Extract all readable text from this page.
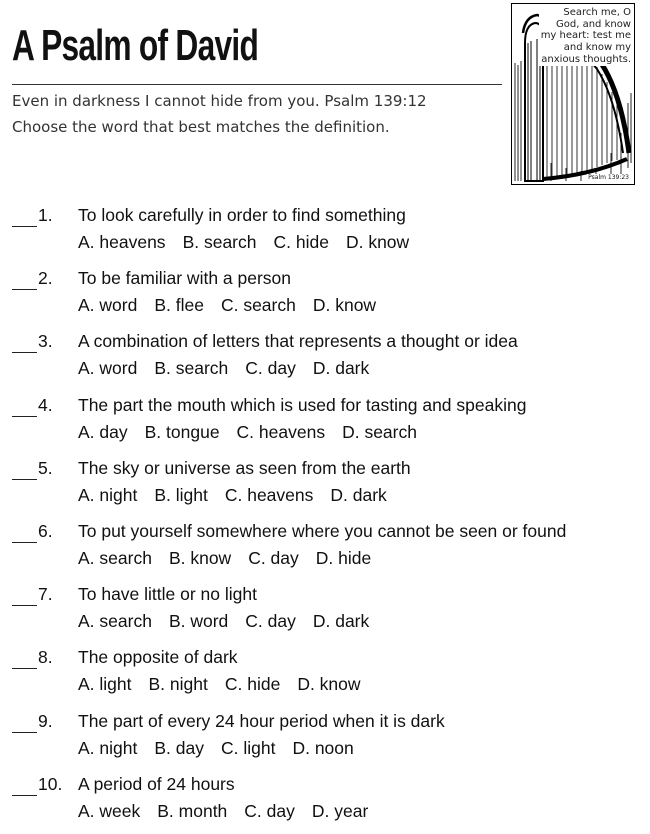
A Psalm of David
Even in darkness I cannot hide from you. Psalm 139:12
Choose the word that best matches the definition.
Search me, O God, and know my heart: test me and know my anxious thoughts.
Psalm 139:23
1. To look carefully in order to find something
A. heavens B. search C. hide D. know
2. To be familiar with a person
A. word B. flee C. search D. know
3. A combination of letters that represents a thought or idea
A. word B. search C. day D. dark
4. The part the mouth which is used for tasting and speaking
A. day B. tongue C. heavens D. search
5. The sky or universe as seen from the earth
A. night B. light C. heavens D. dark
6. To put yourself somewhere where you cannot be seen or found
A. search B. know C. day D. hide
7. To have little or no light
A. search B. word C. day D. dark
8. The opposite of dark
A. light B. night C. hide D. know
9. The part of every 24 hour period when it is dark
A. night B. day C. light D. noon
10. A period of 24 hours
A. week B. month C. day D. year
